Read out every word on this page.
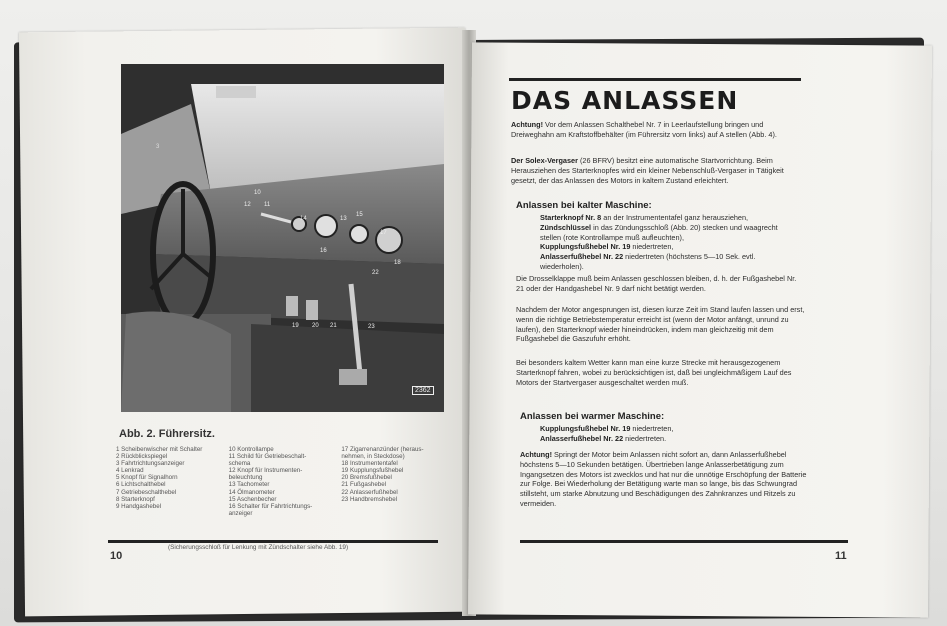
Abb. 2. Führersitz.
1 Scheibenwischer mit Schalter
2 Rückblickspiegel
3 Fahrtrichtungsanzeiger
4 Lenkrad
5 Knopf für Signalhorn
6 Lichtschalthebel
7 Getriebeschalthebel
8 Starterknopf
9 Handgashebel
10 Kontrollampe
11 Schild für Getriebeschalt-
schema
12 Knopf für Instrumenten-
beleuchtung
13 Tachometer
14 Ölmanometer
15 Aschenbecher
16 Schalter für Fahrtrichtungs-
anzeiger
17 Zigarrenanzünder (heraus-
nehmen, in Steckdose)
18 Instrumententafel
19 Kupplungsfußhebel
20 Bremsfußhebel
21 Fußgashebel
22 Anlasserfußhebel
23 Handbremshebel
(Sicherungsschloß für Lenkung mit Zündschalter siehe Abb. 19)
10
DAS ANLASSEN
Achtung! Vor dem Anlassen Schalthebel Nr. 7 in Leerlaufstellung bringen und Dreiweghahn am Kraftstoffbehälter (im Führersitz vorn links) auf A stellen (Abb. 4).
Der Solex-Vergaser (26 BFRV) besitzt eine automatische Startvorrichtung. Beim Herausziehen des Starterknopfes wird ein kleiner Nebenschluß-Vergaser in Tätigkeit gesetzt, der das Anlassen des Motors in kaltem Zustand erleichtert.
Anlassen bei kalter Maschine:
Starterknopf Nr. 8 an der Instrumententafel ganz herausziehen,
Zündschlüssel in das Zündungsschloß (Abb. 20) stecken und waagrecht stellen (rote Kontrollampe muß aufleuchten),
Kupplungsfußhebel Nr. 19 niedertreten,
Anlasserfußhebel Nr. 22 niedertreten (höchstens 5—10 Sek. evtl. wiederholen).
Die Drosselklappe muß beim Anlassen geschlossen bleiben, d. h. der Fußgashebel Nr. 21 oder der Handgashebel Nr. 9 darf nicht betätigt werden.
Nachdem der Motor angesprungen ist, diesen kurze Zeit im Stand laufen lassen und erst, wenn die richtige Betriebstemperatur erreicht ist (wenn der Motor anfängt, unrund zu laufen), den Starterknopf wieder hineindrücken, indem man gleichzeitig mit dem Fußgashebel die Gaszufuhr erhöht.
Bei besonders kaltem Wetter kann man eine kurze Strecke mit herausgezogenem Starterknopf fahren, wobei zu berücksichtigen ist, daß bei ungleichmäßigem Lauf des Motors der Startvergaser ausgeschaltet werden muß.
Anlassen bei warmer Maschine:
Kupplungsfußhebel Nr. 19 niedertreten,
Anlasserfußhebel Nr. 22 niedertreten.
Achtung! Springt der Motor beim Anlassen nicht sofort an, dann Anlasserfußhebel höchstens 5—10 Sekunden betätigen. Übertrieben lange Anlasserbetätigung zum Ingangsetzen des Motors ist zwecklos und hat nur die unnötige Erschöpfung der Batterie zur Folge. Bei Wiederholung der Betätigung warte man so lange, bis das Schwungrad stillsteht, um starke Abnutzung und Beschädigungen des Zahnkranzes und Ritzels zu vermeiden.
11
3
10
11
12
13
14
15
16
17
18
19 20 21
22
23
2362
